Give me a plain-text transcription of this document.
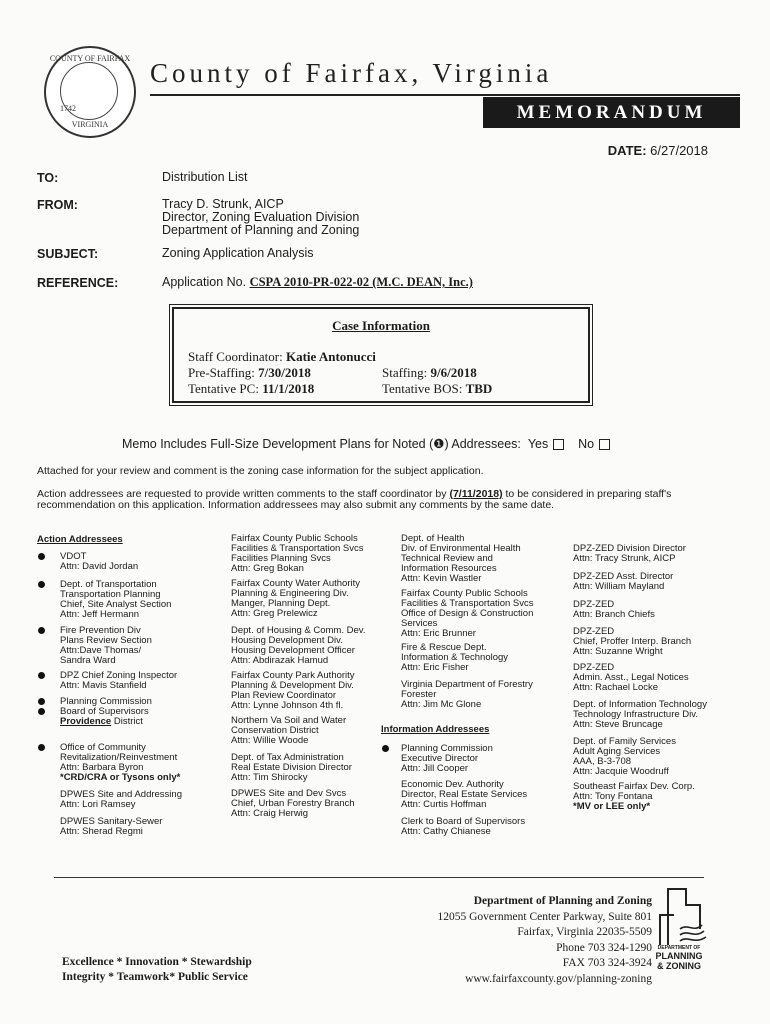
COUNTY OF FAIRFAX
1742
VIRGINIA
County of Fairfax, Virginia
MEMORANDUM
DATE: 6/27/2018
TO:	Distribution List
FROM:	Tracy D. Strunk, AICP
Director, Zoning Evaluation Division
Department of Planning and Zoning
SUBJECT:	Zoning Application Analysis
REFERENCE:	Application No. CSPA 2010-PR-022-02 (M.C. DEAN, Inc.)
Case Information
Staff Coordinator: Katie Antonucci
Pre-Staffing: 7/30/2018	Staffing: 9/6/2018
Tentative PC: 11/1/2018	Tentative BOS: TBD
Memo Includes Full-Size Development Plans for Noted (❶) Addressees: Yes No
Attached for your review and comment is the zoning case information for the subject application.
Action addressees are requested to provide written comments to the staff coordinator by (7/11/2018) to be considered in preparing staff's recommendation on this application. Information addressees may also submit any comments by the same date.
Action Addressees
VDOT
Attn: David Jordan
Dept. of Transportation
Transportation Planning
Chief, Site Analyst Section
Attn: Jeff Hermann
Fire Prevention Div
Plans Review Section
Attn:Dave Thomas/
Sandra Ward
DPZ Chief Zoning Inspector
Attn: Mavis Stanfield
Planning Commission
Board of Supervisors
Providence District
Office of Community
Revitalization/Reinvestment
Attn: Barbara Byron
*CRD/CRA or Tysons only*
DPWES Site and Addressing
Attn: Lori Ramsey
DPWES Sanitary-Sewer
Attn: Sherad Regmi
Fairfax County Public Schools
Facilities & Transportation Svcs
Facilities Planning Svcs
Attn: Greg Bokan
Fairfax County Water Authority
Planning & Engineering Div.
Manger, Planning Dept.
Attn: Greg Prelewicz
Dept. of Housing & Comm. Dev.
Housing Development Div.
Housing Development Officer
Attn: Abdirazak Hamud
Fairfax County Park Authority
Planning & Development Div.
Plan Review Coordinator
Attn: Lynne Johnson 4th fl.
Northern Va Soil and Water
Conservation District
Attn: Willie Woode
Dept. of Tax Administration
Real Estate Division Director
Attn: Tim Shirocky
DPWES Site and Dev Svcs
Chief, Urban Forestry Branch
Attn: Craig Herwig
Dept. of Health
Div. of Environmental Health
Technical Review and
Information Resources
Attn: Kevin Wastler
Fairfax County Public Schools
Facilities & Transportation Svcs
Office of Design & Construction
Services
Attn: Eric Brunner
Fire & Rescue Dept.
Information & Technology
Attn: Eric Fisher
Virginia Department of Forestry
Forester
Attn: Jim Mc Glone
Information Addressees
Planning Commission
Executive Director
Attn: Jill Cooper
Economic Dev. Authority
Director, Real Estate Services
Attn: Curtis Hoffman
Clerk to Board of Supervisors
Attn: Cathy Chianese
DPZ-ZED Division Director
Attn: Tracy Strunk, AICP
DPZ-ZED Asst. Director
Attn: William Mayland
DPZ-ZED
Attn: Branch Chiefs
DPZ-ZED
Chief, Proffer Interp. Branch
Attn: Suzanne Wright
DPZ-ZED
Admin. Asst., Legal Notices
Attn: Rachael Locke
Dept. of Information Technology
Technology Infrastructure Div.
Attn: Steve Bruncage
Dept. of Family Services
Adult Aging Services
AAA, B-3-708
Attn: Jacquie Woodruff
Southeast Fairfax Dev. Corp.
Attn: Tony Fontana
*MV or LEE only*
Department of Planning and Zoning
12055 Government Center Parkway, Suite 801
Fairfax, Virginia 22035-5509
Phone 703 324-1290
FAX 703 324-3924
www.fairfaxcounty.gov/planning-zoning
Excellence * Innovation * Stewardship
Integrity * Teamwork* Public Service
DEPARTMENT OF
PLANNING
& ZONING
